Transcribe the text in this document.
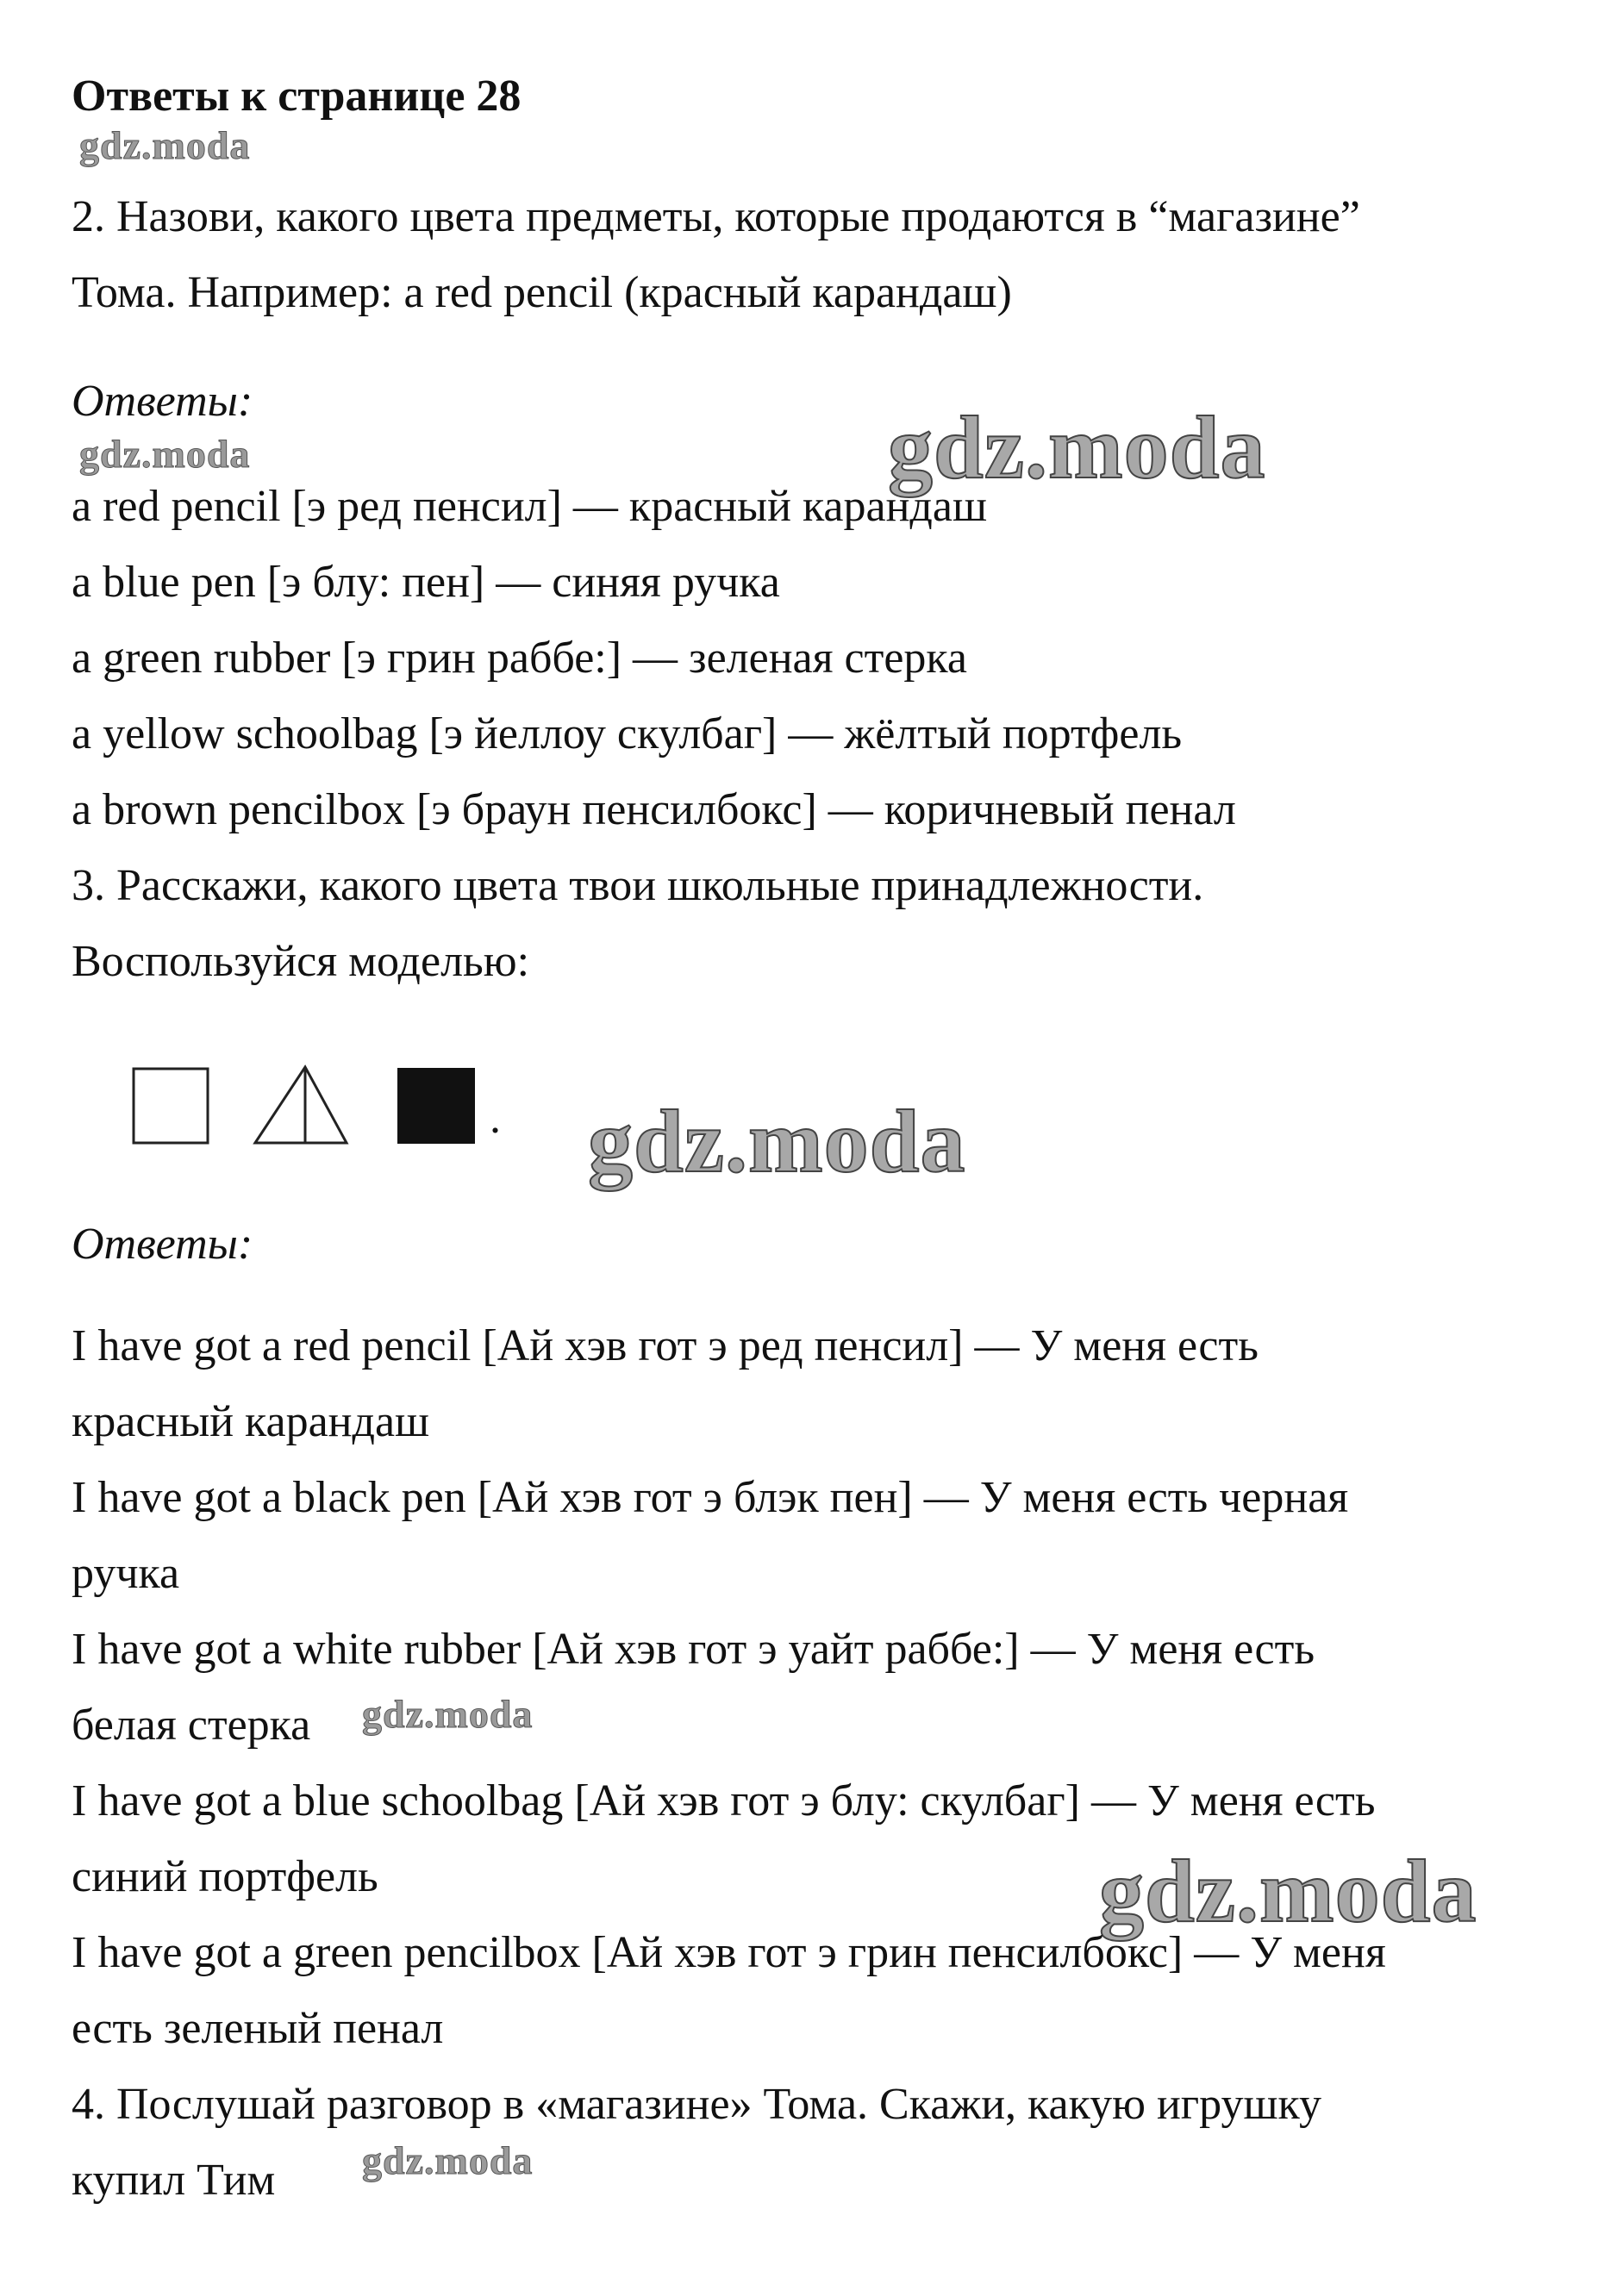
Ответы к странице 28
gdz.moda
2. Назови, какого цвета предметы, которые продаются в “магазине”
Тома. Например: a red pencil (красный карандаш)
Ответы:
gdz.moda	gdz.moda
a red pencil [э ред пенсил] — красный карандаш
a blue pen [э блу: пен] — синяя ручка
a green rubber [э грин раббе:] — зеленая стерка
a yellow schoolbag [э йеллоу скулбаг] — жёлтый портфель
a brown pencilbox [э браун пенсилбокс] — коричневый пенал
3. Расскажи, какого цвета твои школьные принадлежности.
Воспользуйся моделью:
. gdz.moda
Ответы:
I have got a red pencil [Ай хэв гот э ред пенсил] — У меня есть
красный карандаш
I have got a black pen [Ай хэв гот э блэк пен] — У меня есть черная
ручка
I have got a white rubber [Ай хэв гот э уайт раббе:] — У меня есть
белая стерка gdz.moda
I have got a blue schoolbag [Ай хэв гот э блу: скулбаг] — У меня есть
синий портфель	gdz.moda
I have got a green pencilbox [Ай хэв гот э грин пенсилбокс] — У меня
есть зеленый пенал
4. Послушай разговор в «магазине» Тома. Скажи, какую игрушку
купил Тим gdz.moda
